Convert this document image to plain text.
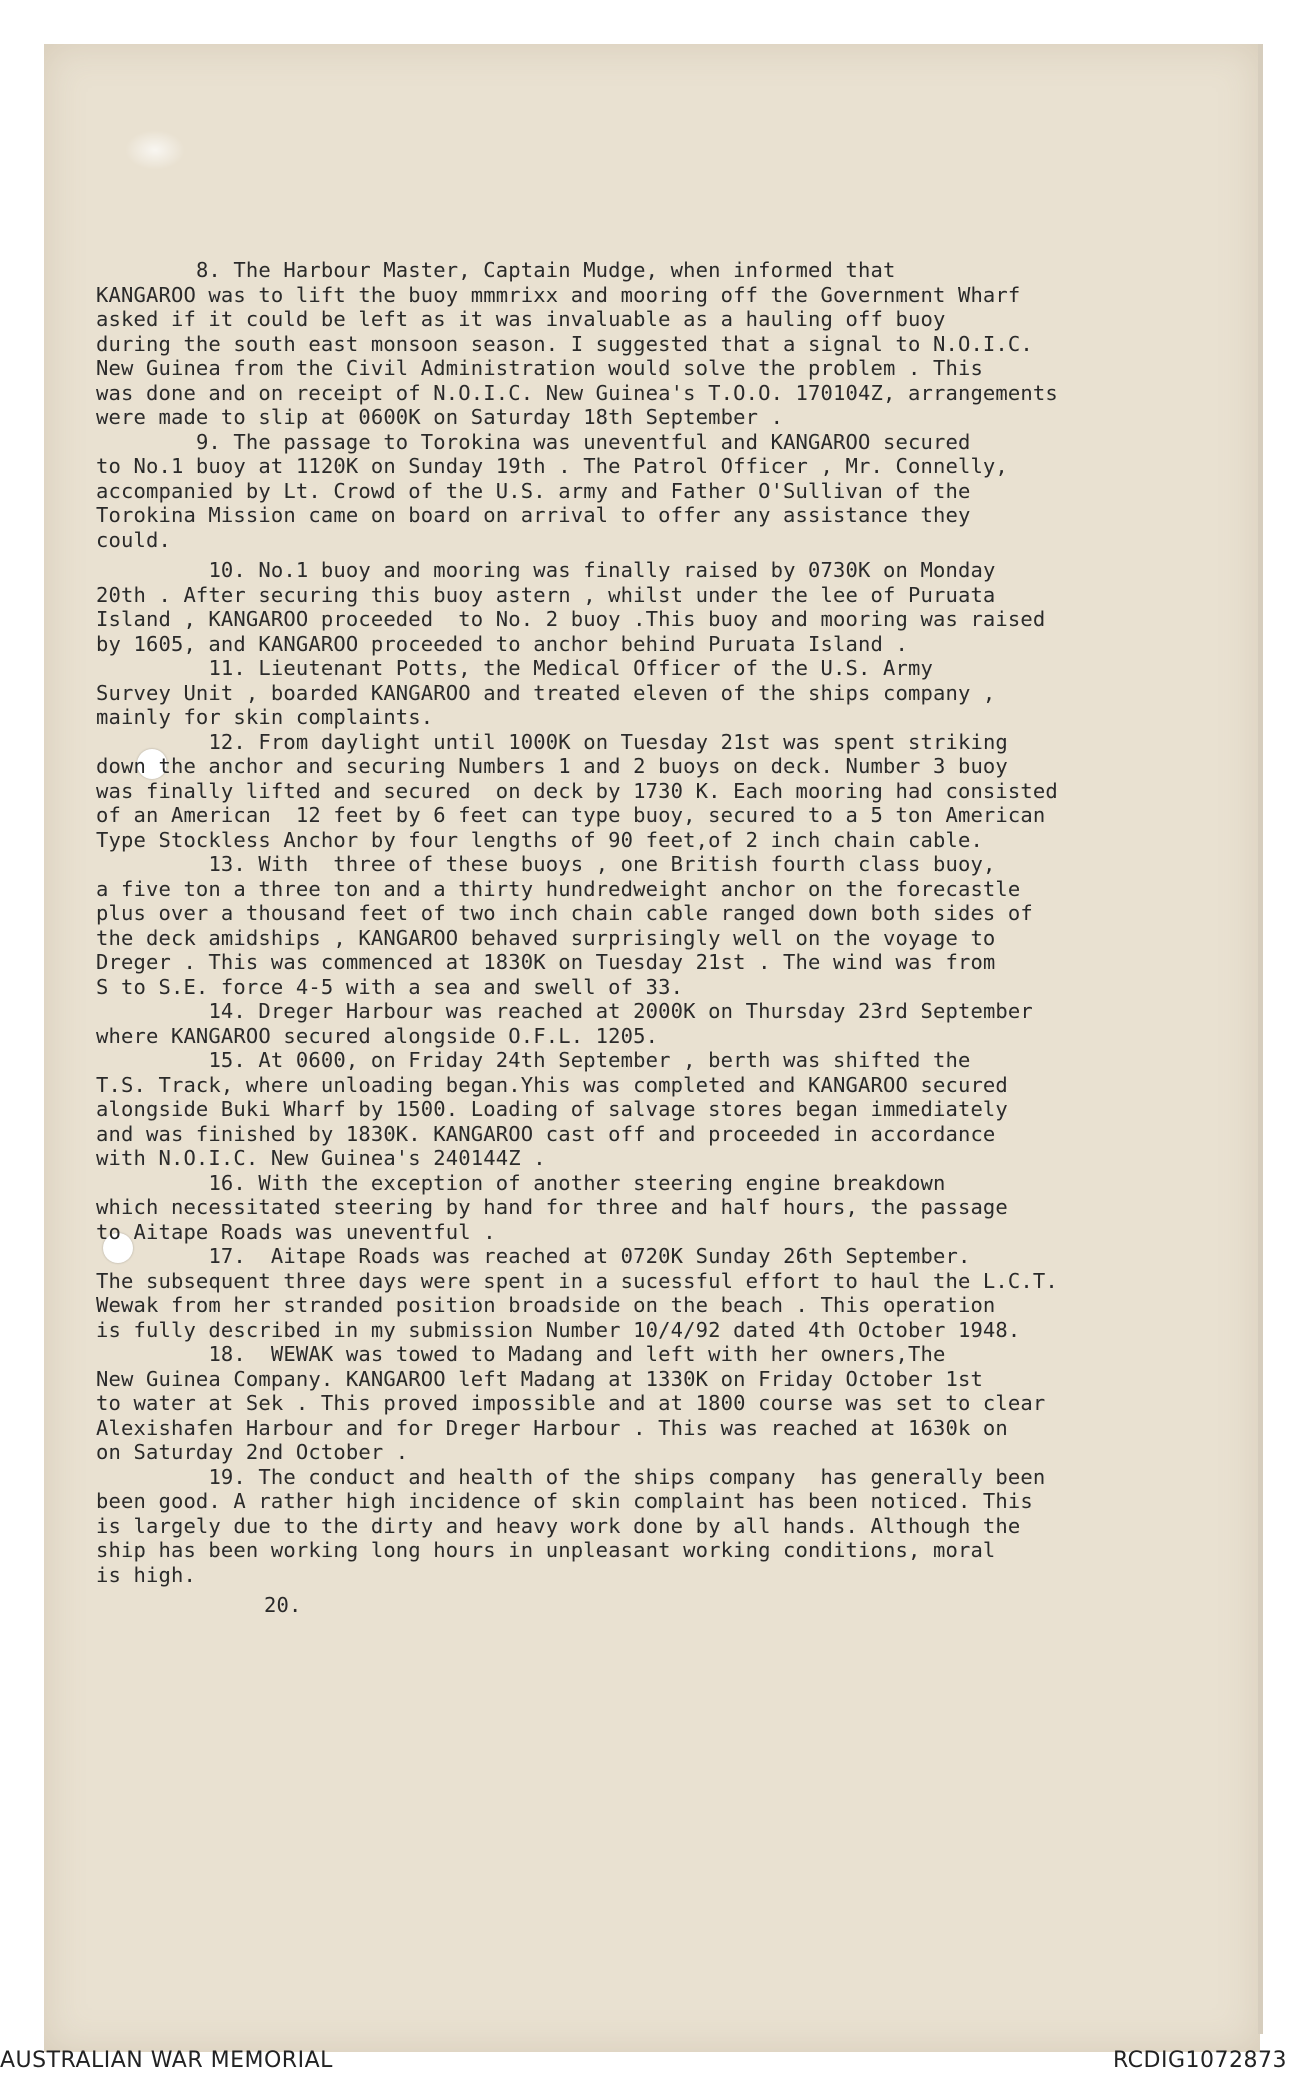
8. The Harbour Master, Captain Mudge, when informed that
KANGAROO was to lift the buoy mmmrixx and mooring off the Government Wharf
asked if it could be left as it was invaluable as a hauling off buoy
during the south east monsoon season. I suggested that a signal to N.O.I.C.
New Guinea from the Civil Administration would solve the problem . This
was done and on receipt of N.O.I.C. New Guinea's T.O.O. 170104Z, arrangements
were made to slip at 0600K on Saturday 18th September .

9. The passage to Torokina was uneventful and KANGAROO secured
to No.1 buoy at 1120K on Sunday 19th . The Patrol Officer , Mr. Connelly,
accompanied by Lt. Crowd of the U.S. army and Father O'Sullivan of the
Torokina Mission came on board on arrival to offer any assistance they
could.

10. No.1 buoy and mooring was finally raised by 0730K on Monday
20th . After securing this buoy astern , whilst under the lee of Puruata
Island , KANGAROO proceeded  to No. 2 buoy .This buoy and mooring was raised
by 1605, and KANGAROO proceeded to anchor behind Puruata Island .

11. Lieutenant Potts, the Medical Officer of the U.S. Army
Survey Unit , boarded KANGAROO and treated eleven of the ships company ,
mainly for skin complaints.

12. From daylight until 1000K on Tuesday 21st was spent striking
down the anchor and securing Numbers 1 and 2 buoys on deck. Number 3 buoy
was finally lifted and secured  on deck by 1730 K. Each mooring had consisted
of an American  12 feet by 6 feet can type buoy, secured to a 5 ton American
Type Stockless Anchor by four lengths of 90 feet,of 2 inch chain cable.

13. With  three of these buoys , one British fourth class buoy,
a five ton a three ton and a thirty hundredweight anchor on the forecastle
plus over a thousand feet of two inch chain cable ranged down both sides of
the deck amidships , KANGAROO behaved surprisingly well on the voyage to
Dreger . This was commenced at 1830K on Tuesday 21st . The wind was from
S to S.E. force 4-5 with a sea and swell of 33.

14. Dreger Harbour was reached at 2000K on Thursday 23rd September
where KANGAROO secured alongside O.F.L. 1205.

15. At 0600, on Friday 24th September , berth was shifted the
T.S. Track, where unloading began.Yhis was completed and KANGAROO secured
alongside Buki Wharf by 1500. Loading of salvage stores began immediately
and was finished by 1830K. KANGAROO cast off and proceeded in accordance
with N.O.I.C. New Guinea's 240144Z .

16. With the exception of another steering engine breakdown
which necessitated steering by hand for three and half hours, the passage
to Aitape Roads was uneventful .

17.  Aitape Roads was reached at 0720K Sunday 26th September.
The subsequent three days were spent in a sucessful effort to haul the L.C.T.
Wewak from her stranded position broadside on the beach . This operation
is fully described in my submission Number 10/4/92 dated 4th October 1948.

18.  WEWAK was towed to Madang and left with her owners,The
New Guinea Company. KANGAROO left Madang at 1330K on Friday October 1st
to water at Sek . This proved impossible and at 1800 course was set to clear
Alexishafen Harbour and for Dreger Harbour . This was reached at 1630k on
on Saturday 2nd October .

19. The conduct and health of the ships company  has generally been
been good. A rather high incidence of skin complaint has been noticed. This
is largely due to the dirty and heavy work done by all hands. Although the
ship has been working long hours in unpleasant working conditions, moral
is high.

20.

AUSTRALIAN WAR MEMORIAL	RCDIG1072873
